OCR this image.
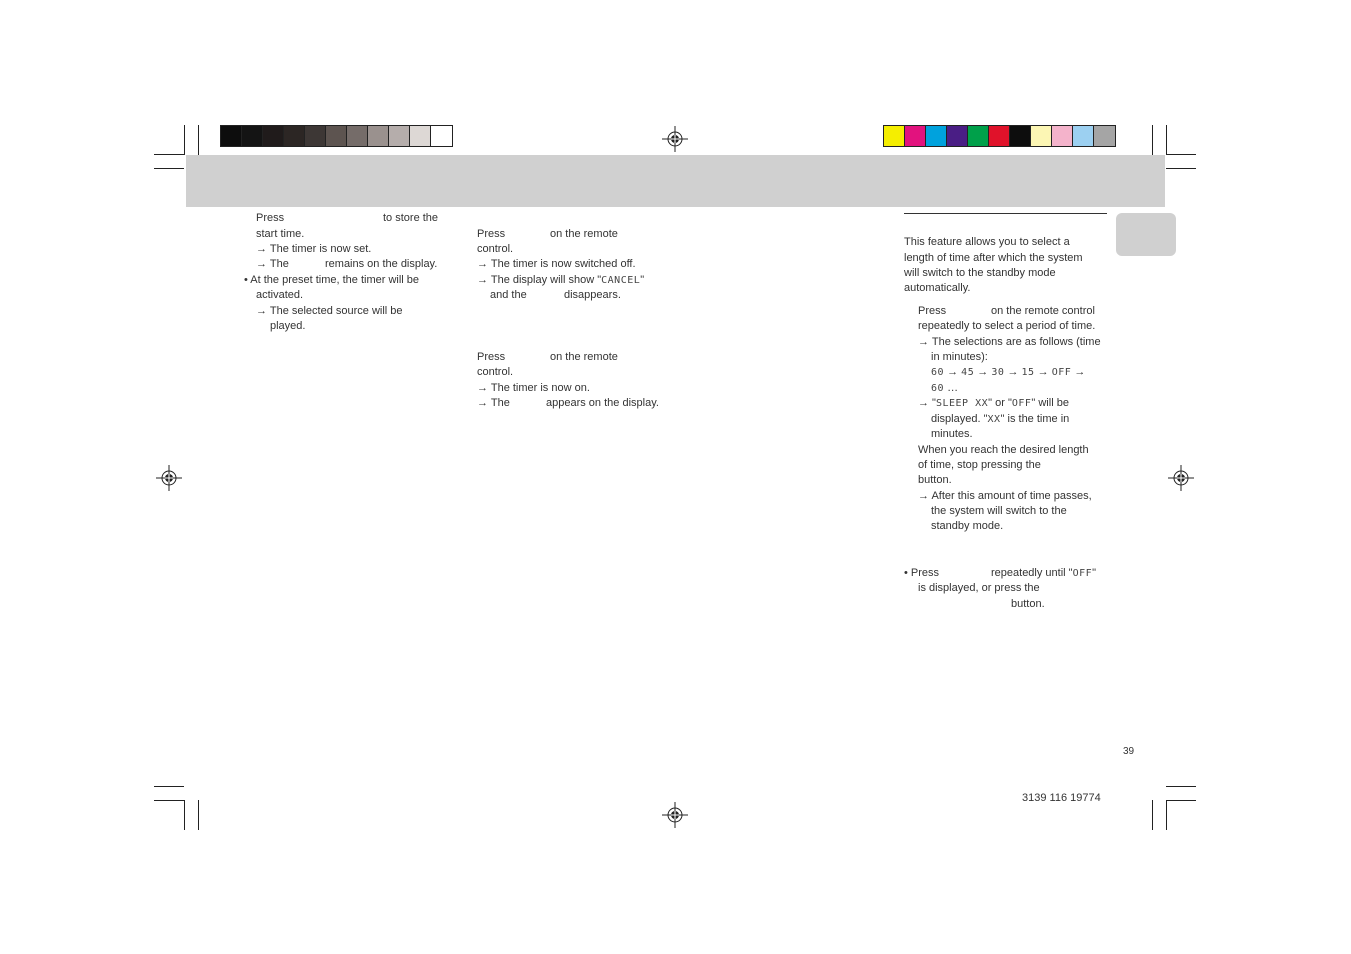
Press	to store the
start time.
→ The timer is now set.
→ The	remains on the display.
• At the preset time, the timer will be
activated.
→ The selected source will be
played.
Press	on the remote
control.
→ The timer is now switched off.
→ The display will show "CANCEL"
and the	disappears.
Press	on the remote
control.
→ The timer is now on.
→ The	appears on the display.
This feature allows you to select a
length of time after which the system
will switch to the standby mode
automatically.
Press	on the remote control
repeatedly to select a period of time.
→ The selections are as follows (time
in minutes):
60 → 45 → 30 → 15 → OFF →
60 …
→ "SLEEP XX" or "OFF" will be
displayed. "XX" is the time in
minutes.
When you reach the desired length
of time, stop pressing the
button.
→ After this amount of time passes,
the system will switch to the
standby mode.
• Press	repeatedly until "OFF"
is displayed, or press the
button.
39
3139 116 19774
